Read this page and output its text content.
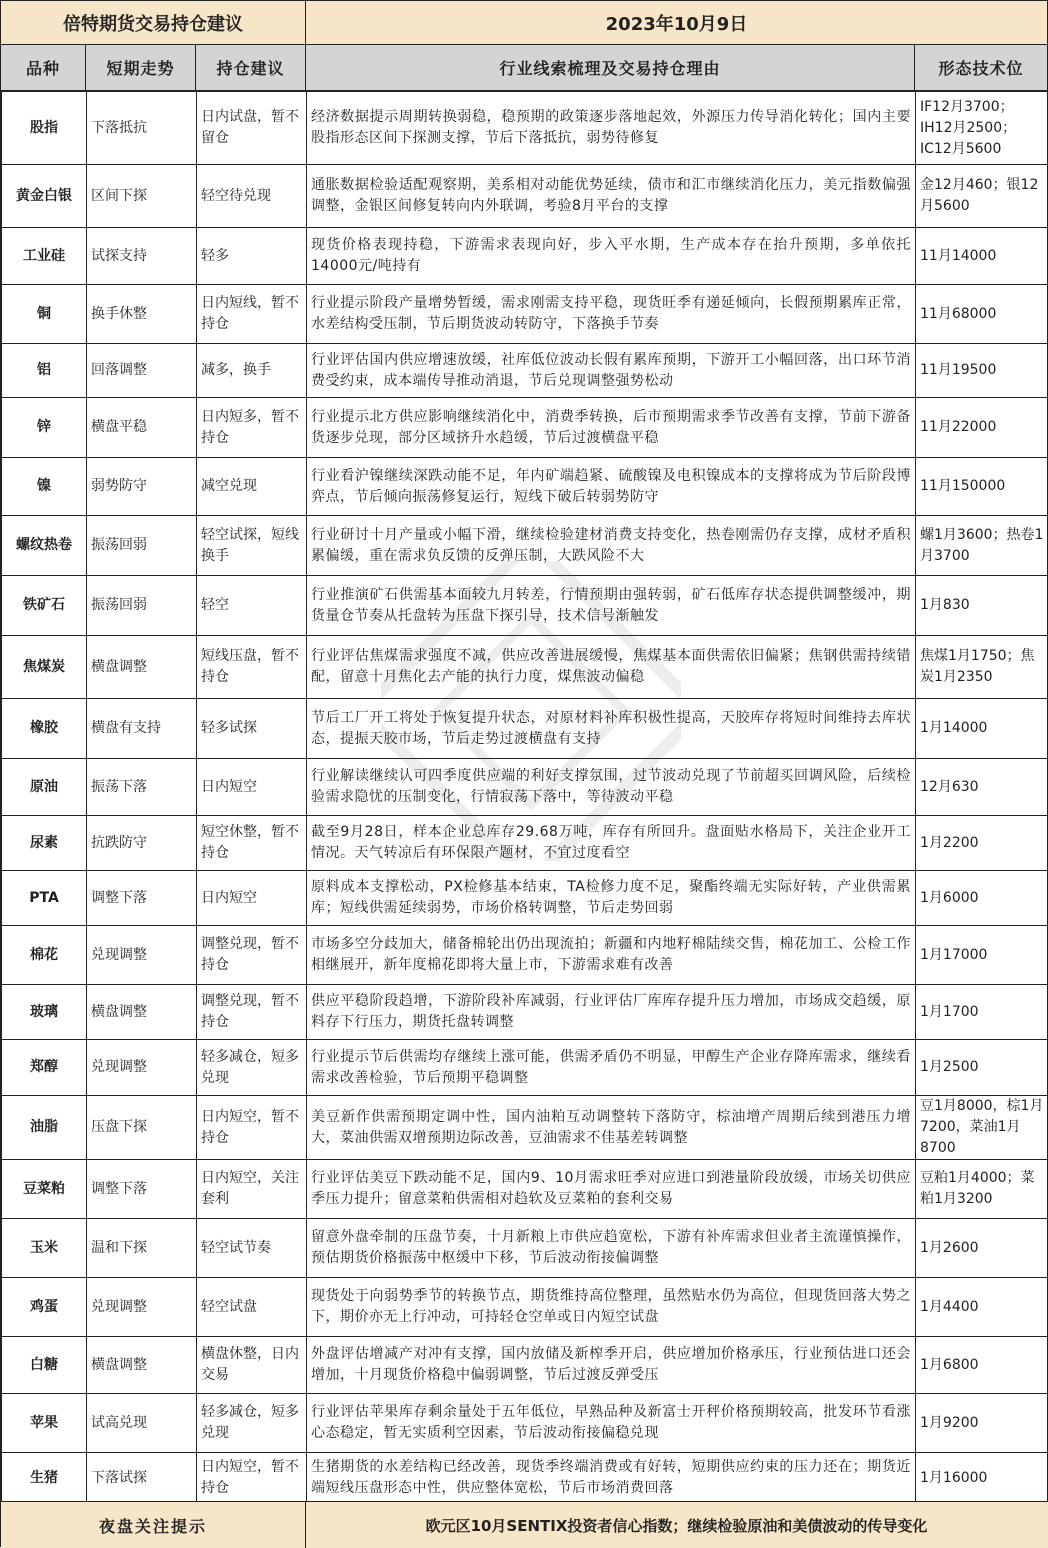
倍特期货交易持仓建议	2023年10月9日
品种	短期走势	持仓建议	行业线索梳理及交易持仓理由	形态技术位
股指	下落抵抗	日内试盘，暂不留仓	经济数据提示周期转换弱稳，稳预期的政策逐步落地起效，外源压力传导消化转化；国内主要股指形态区间下探测支撑，节后下落抵抗，弱势待修复	IF12月3700；IH12月2500；IC12月5600
黄金白银	区间下探	轻空待兑现	通胀数据检验适配观察期，美系相对动能优势延续，债市和汇市继续消化压力，美元指数偏强调整，金银区间修复转向内外联调，考验8月平台的支撑	金12月460；银12月5600
工业硅	试探支持	轻多	现货价格表现持稳，下游需求表现向好，步入平水期，生产成本存在抬升预期，多单依托14000元/吨持有	11月14000
铜	换手休整	日内短线，暂不持仓	行业提示阶段产量增势暂缓，需求刚需支持平稳，现货旺季有递延倾向，长假预期累库正常，水差结构受压制，节后期货波动转防守，下落换手节奏	11月68000
铝	回落调整	减多，换手	行业评估国内供应增速放缓，社库低位波动长假有累库预期，下游开工小幅回落，出口环节消费受约束，成本端传导推动消退，节后兑现调整强势松动	11月19500
锌	横盘平稳	日内短多，暂不持仓	行业提示北方供应影响继续消化中，消费季转换，后市预期需求季节改善有支撑，节前下游备货逐步兑现，部分区域挤升水趋缓，节后过渡横盘平稳	11月22000
镍	弱势防守	减空兑现	行业看沪镍继续深跌动能不足，年内矿端趋紧、硫酸镍及电积镍成本的支撑将成为节后阶段博弈点，节后倾向振荡修复运行，短线下破后转弱势防守	11月150000
螺纹热卷	振荡回弱	轻空试探，短线换手	行业研讨十月产量或小幅下滑，继续检验建材消费支持变化，热卷刚需仍存支撑，成材矛盾积累偏缓，重在需求负反馈的反弹压制，大跌风险不大	螺1月3600；热卷1月3700
铁矿石	振荡回弱	轻空	行业推演矿石供需基本面较九月转差，行情预期由强转弱，矿石低库存状态提供调整缓冲，期货量仓节奏从托盘转为压盘下探引导，技术信号渐触发	1月830
焦煤炭	横盘调整	短线压盘，暂不持仓	行业评估焦煤需求强度不减，供应改善进展缓慢，焦煤基本面供需依旧偏紧；焦钢供需持续错配，留意十月焦化去产能的执行力度，煤焦波动偏稳	焦煤1月1750；焦炭1月2350
橡胶	横盘有支持	轻多试探	节后工厂开工将处于恢复提升状态，对原材料补库积极性提高，天胶库存将短时间维持去库状态，提振天胶市场，节后走势过渡横盘有支持	1月14000
原油	振荡下落	日内短空	行业解读继续认可四季度供应端的利好支撑氛围，过节波动兑现了节前超买回调风险，后续检验需求隐忧的压制变化，行情寂荡下落中，等待波动平稳	12月630
尿素	抗跌防守	短空休整，暂不持仓	截至9月28日，样本企业总库存29.68万吨，库存有所回升。盘面贴水格局下，关注企业开工情况。天气转凉后有环保限产题材，不宜过度看空	1月2200
PTA	调整下落	日内短空	原料成本支撑松动，PX检修基本结束，TA检修力度不足，聚酯终端无实际好转，产业供需累库；短线供需延续弱势，市场价格转调整，节后走势回弱	1月6000
棉花	兑现调整	调整兑现，暂不持仓	市场多空分歧加大，储备棉轮出仍出现流拍；新疆和内地籽棉陆续交售，棉花加工、公检工作相继展开，新年度棉花即将大量上市，下游需求难有改善	1月17000
玻璃	横盘调整	调整兑现，暂不持仓	供应平稳阶段趋增，下游阶段补库减弱，行业评估厂库库存提升压力增加，市场成交趋缓，原料存下行压力，期货托盘转调整	1月1700
郑醇	兑现调整	轻多减仓，短多兑现	行业提示节后供需均存继续上涨可能，供需矛盾仍不明显，甲醇生产企业存降库需求，继续看需求改善检验，节后预期平稳调整	1月2500
油脂	压盘下探	日内短空，暂不持仓	美豆新作供需预期定调中性，国内油粕互动调整转下落防守，棕油增产周期后续到港压力增大，菜油供需双增预期边际改善，豆油需求不佳基差转调整	豆1月8000，棕1月7200，菜油1月8700
豆菜粕	调整下落	日内短空，关注套利	行业评估美豆下跌动能不足，国内9、10月需求旺季对应进口到港量阶段放缓，市场关切供应季压力提升；留意菜粕供需相对趋软及豆菜粕的套利交易	豆粕1月4000；菜粕1月3200
玉米	温和下探	轻空试节奏	留意外盘牵制的压盘节奏，十月新粮上市供应趋宽松，下游有补库需求但业者主流谨慎操作，预估期货价格振荡中枢缓中下移，节后波动衔接偏调整	1月2600
鸡蛋	兑现调整	轻空试盘	现货处于向弱势季节的转换节点，期货维持高位整理，虽然贴水仍为高位，但现货回落大势之下，期价亦无上行冲动，可持轻仓空单或日内短空试盘	1月4400
白糖	横盘调整	横盘休整，日内交易	外盘评估增减产对冲有支撑，国内放储及新榨季开启，供应增加价格承压，行业预估进口还会增加，十月现货价格稳中偏弱调整，节后过渡反弹受压	1月6800
苹果	试高兑现	轻多减仓，短多兑现	行业评估苹果库存剩余量处于五年低位，早熟品种及新富士开秤价格预期较高，批发环节看涨心态稳定，暂无实质利空因素，节后波动衔接偏稳兑现	1月9200
生猪	下落试探	日内短空，暂不持仓	生猪期货的水差结构已经改善，现货季终端消费或有好转，短期供应约束的压力还在；期货近端短线压盘形态中性，供应整体宽松，节后市场消费回落	1月16000
夜盘关注提示	欧元区10月SENTIX投资者信心指数；继续检验原油和美债波动的传导变化
